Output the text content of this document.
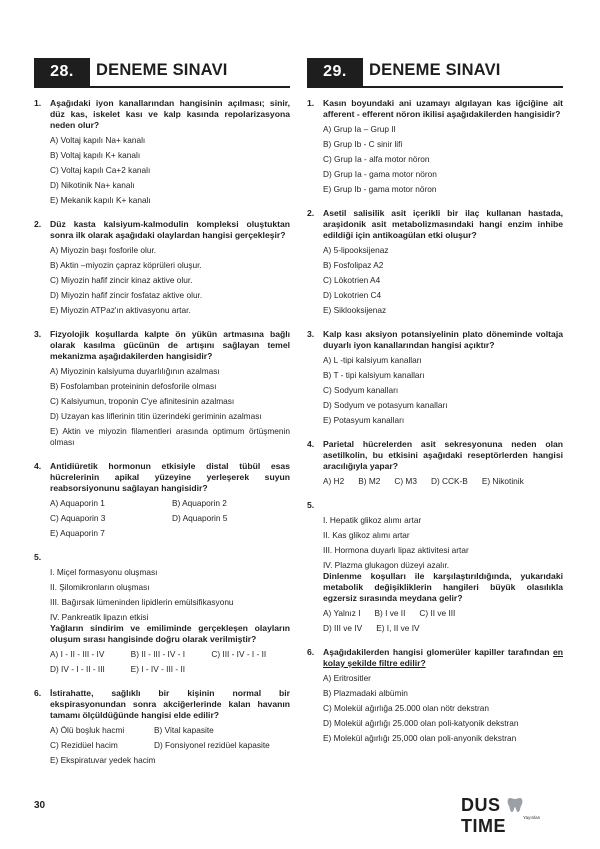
28.	DENEME SINAVI
1. Aşağıdaki iyon kanallarından hangisinin açılması; sinir, düz kas, iskelet kası ve kalp kasında repolarizasyona neden olur?

A) Voltaj kapılı Na+ kanalı
B) Voltaj kapılı K+ kanalı
C) Voltaj kapılı Ca+2 kanalı
D) Nikotinik Na+ kanalı
E) Mekanik kapılı K+ kanalı
2. Düz kasta kalsiyum-kalmodulin kompleksi oluştuktan sonra ilk olarak aşağıdaki olaylardan hangisi gerçekleşir?

A) Miyozin başı fosforile olur.
B) Aktin –miyozin çapraz köprüleri oluşur.
C) Miyozin hafif zincir kinaz aktive olur.
D) Miyozin hafif zincir fosfataz aktive olur.
E) Miyozin ATPaz'ın aktivasyonu artar.
3. Fizyolojik koşullarda kalpte ön yükün artmasına bağlı olarak kasılma gücünün de artışını sağlayan temel mekanizma aşağıdakilerden hangisidir?

A) Miyozinin kalsiyuma duyarlılığının azalması
B) Fosfolamban proteininin defosforile olması
C) Kalsiyumun, troponin C'ye afinitesinin azalması
D) Uzayan kas liflerinin titin üzerindeki geriminin azalması
E) Aktin ve miyozin filamentleri arasında optimum örtüşmenin olması
4. Antidiüretik hormonun etkisiyle distal tübül esas hücrelerinin apikal yüzeyine yerleşerek suyun reabsorsiyonunu sağlayan hangisidir?

A) Aquaporin 1	B) Aquaporin 2
C) Aquaporin 3	D) Aquaporin 5
E) Aquaporin 7
5.
I. Miçel formasyonu oluşması
II. Şilomikronların oluşması
III. Bağırsak lümeninden lipidlerin emülsifikasyonu
IV. Pankreatik lipazın etkisi

Yağların sindirim ve emiliminde gerçekleşen olayların oluşum sırası hangisinde doğru olarak verilmiştir?

A) I - II - III - IV	B) II - III - IV - I	C) III - IV - I - II
D) IV - I - II - III	E) I - IV - III - II
6. İstirahatte, sağlıklı bir kişinin normal bir ekspirasyonundan sonra akciğerlerinde kalan havanın tamamı ölçüldüğünde hangisi elde edilir?

A) Ölü boşluk hacmi	B) Vital kapasite
C) Rezidüel hacim	D) Fonsiyonel rezidüel kapasite
E) Ekspiratuvar yedek hacim
29.	DENEME SINAVI
1. Kasın boyundaki ani uzamayı algılayan kas iğciğine ait afferent - efferent nöron ikilisi aşağıdakilerden hangisidir?

A) Grup Ia – Grup II
B) Grup Ib - C sinir lifi
C) Grup Ia - alfa motor nöron
D) Grup Ia - gama motor nöron
E) Grup Ib - gama motor nöron
2. Asetil salisilik asit içerikli bir ilaç kullanan hastada, araşidonik asit metabolizmasındaki hangi enzim inhibe edildiği için antikoagülan etki oluşur?

A) 5-lipooksijenaz
B) Fosfolipaz A2
C) Lökotrien A4
D) Lokotrien C4
E) Siklooksijenaz
3. Kalp kası aksiyon potansiyelinin plato döneminde voltaja duyarlı iyon kanallarından hangisi açıktır?

A) L -tipi kalsiyum kanalları
B) T - tipi kalsiyum kanalları
C) Sodyum kanalları
D) Sodyum ve potasyum kanalları
E) Potasyum kanalları
4. Parietal hücrelerden asit sekresyonuna neden olan asetilkolin, bu etkisini aşağıdaki reseptörlerden hangisi aracılığıyla yapar?

A) H2 B) M2 C) M3 D) CCK-B E) Nikotinik
5.
I. Hepatik glikoz alımı artar
II. Kas glikoz alımı artar
III. Hormona duyarlı lipaz aktivitesi artar
IV. Plazma glukagon düzeyi azalır.

Dinlenme koşulları ile karşılaştırıldığında, yukarıdaki metabolik değişikliklerin hangileri büyük olasılıkla egzersiz sırasında meydana gelir?

A) Yalnız I B) I ve II C) II ve III
D) III ve IV E) I, II ve IV
6. Aşağıdakilerden hangisi glomerüler kapiller tarafından en kolay şekilde filtre edilir?

A) Eritrositler
B) Plazmadaki albümin
C) Molekül ağırlığa 25.000 olan nötr dekstran
D) Molekül ağırlığı 25.000 olan poli-katyonik dekstran
E) Molekül ağırlığı 25,000 olan poli-anyonik dekstran
30	DUS  TIME	Yayınları
